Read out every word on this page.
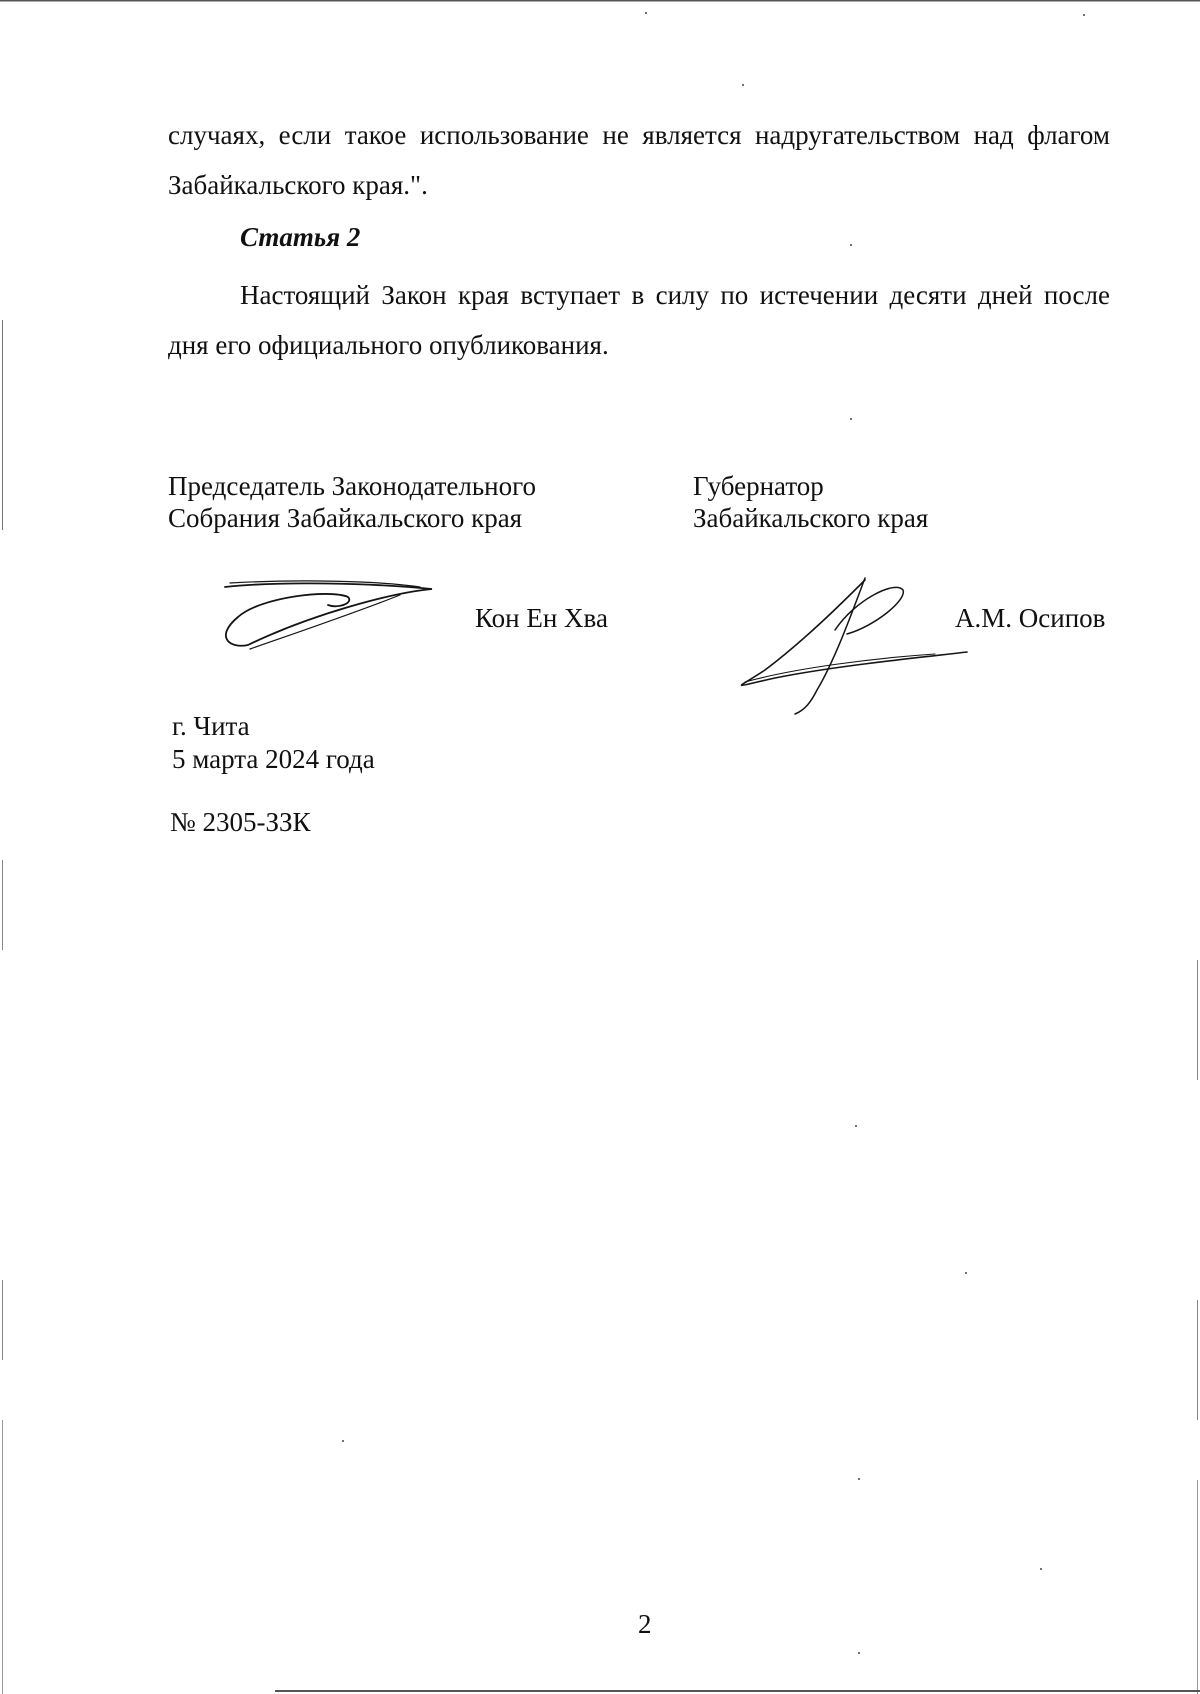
случаях, если такое использование не является надругательством над флагом Забайкальского края.".

Статья 2

Настоящий Закон края вступает в силу по истечении десяти дней после дня его официального опубликования.

Председатель Законодательного
Собрания Забайкальского края
Губернатор
Забайкальского края
Кон Ен Хва	А.М. Осипов
г. Чита
5 марта 2024 года
№ 2305-ЗЗК
2
